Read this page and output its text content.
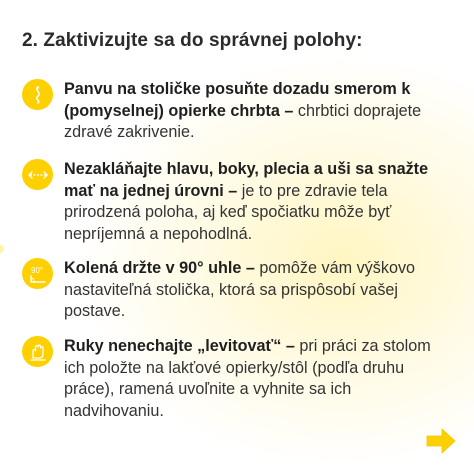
2. Zaktivizujte sa do správnej polohy:
Panvu na stoličke posuňte dozadu smerom k (pomyselnej) opierke chrbta – chrbtici doprajete zdravé zakrivenie.
Nezakláňajte hlavu, boky, plecia a uši sa snažte mať na jednej úrovni – je to pre zdravie tela prirodzená poloha, aj keď spočiatku môže byť nepríjemná a nepohodlná.
90° Kolená držte v 90° uhle – pomôže vám výškovo nastaviteľná stolička, ktorá sa prispôsobí vašej postave.
Ruky nenechajte „levitovať“ – pri práci za stolom ich položte na lakťové opierky/stôl (podľa druhu práce), ramená uvoľnite a vyhnite sa ich nadvihovaniu.
